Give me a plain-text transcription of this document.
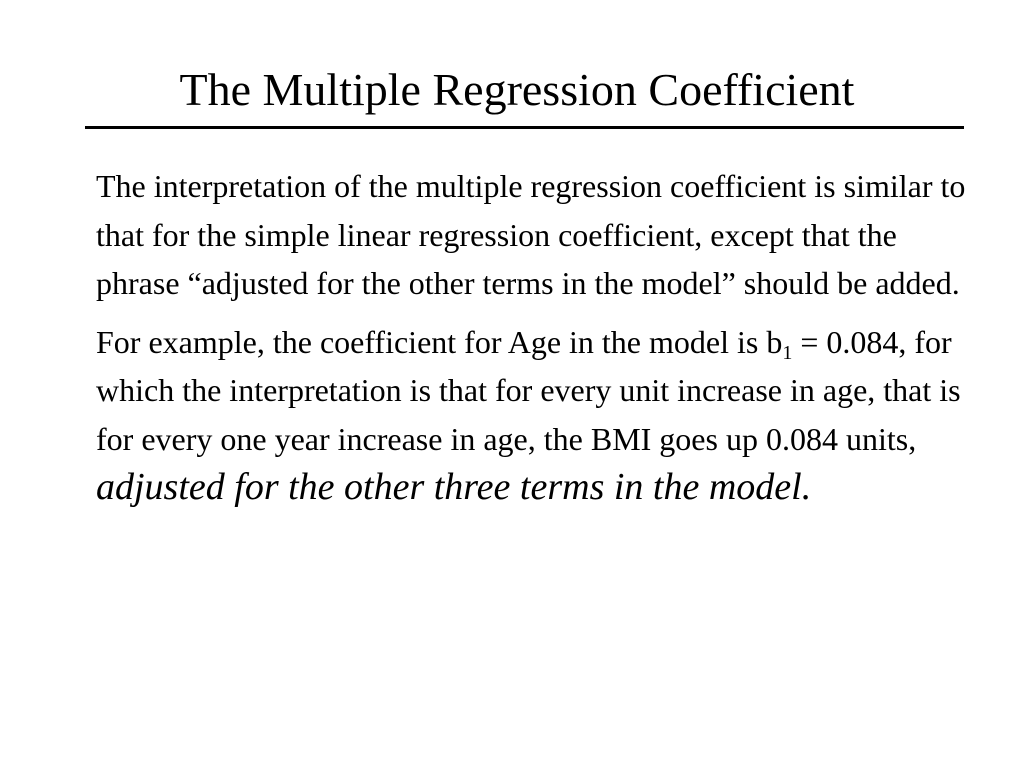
The Multiple Regression Coefficient

The interpretation of the multiple regression coefficient is similar to that for the simple linear regression coefficient, except that the phrase “adjusted for the other terms in the model” should be added.

For example, the coefficient for Age in the model is $b_1 = 0.084$, for which the interpretation is that for every unit increase in age, that is for every one year increase in age, the BMI goes up 0.084 units, adjusted for the other three terms in the model.
